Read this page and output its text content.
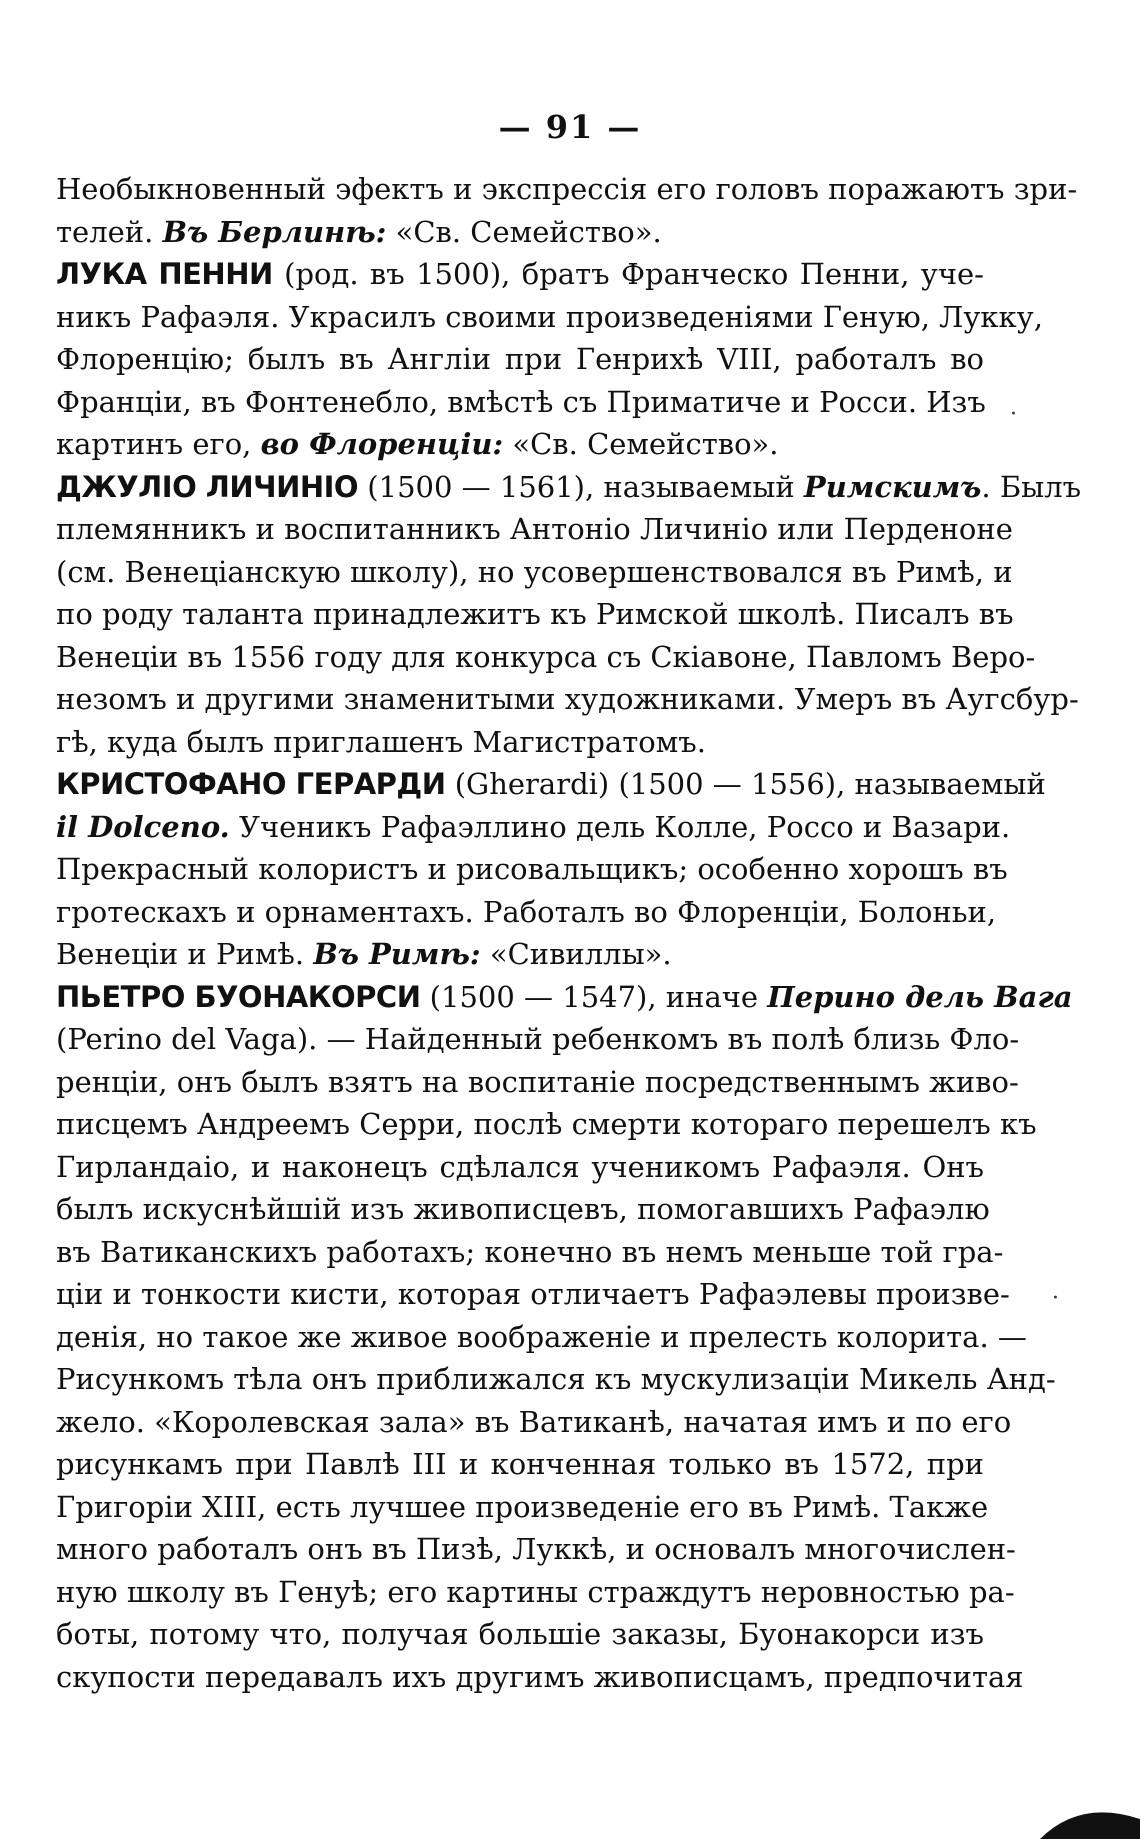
— 91 —
Необыкновенный эфектъ и экспрессія его головъ поражаютъ зри-
телей. Въ Берлинѣ: «Св. Семейство».
ЛУКА ПЕННИ (род. въ 1500), братъ Франческо Пенни, уче-
никъ Рафаэля. Украсилъ своими произведеніями Геную, Лукку,
Флоренцію; былъ въ Англіи при Генрихѣ VIII, работалъ во
Франціи, въ Фонтенебло, вмѣстѣ съ Приматиче и Росси. Изъ
картинъ его, во Флоренціи: «Св. Семейство».
ДЖУЛІО ЛИЧИНІО (1500 — 1561), называемый Римскимъ. Былъ
племянникъ и воспитанникъ Антоніо Личиніо или Перденоне
(см. Венеціанскую школу), но усовершенствовался въ Римѣ, и
по роду таланта принадлежитъ къ Римской школѣ. Писалъ въ
Венеціи въ 1556 году для конкурса съ Скіавоне, Павломъ Веро-
незомъ и другими знаменитыми художниками. Умеръ въ Аугсбур-
гѣ, куда былъ приглашенъ Магистратомъ.
КРИСТОФАНО ГЕРАРДИ (Gherardi) (1500 — 1556), называемый
il Dolceno. Ученикъ Рафаэллино дель Колле, Россо и Вазари.
Прекрасный колористъ и рисовальщикъ; особенно хорошъ въ
гротескахъ и орнаментахъ. Работалъ во Флоренціи, Болоньи,
Венеціи и Римѣ. Въ Римѣ: «Сивиллы».
ПЬЕТРО БУОНАКОРСИ (1500 — 1547), иначе Перино дель Вага
(Perino del Vaga). — Найденный ребенкомъ въ полѣ близь Фло-
ренціи, онъ былъ взятъ на воспитаніе посредственнымъ живо-
писцемъ Андреемъ Серри, послѣ смерти котораго перешелъ къ
Гирландаіо, и наконецъ сдѣлался ученикомъ Рафаэля. Онъ
былъ искуснѣйшій изъ живописцевъ, помогавшихъ Рафаэлю
въ Ватиканскихъ работахъ; конечно въ немъ меньше той гра-
ціи и тонкости кисти, которая отличаетъ Рафаэлевы произве-
денія, но такое же живое воображеніе и прелесть колорита. —
Рисункомъ тѣла онъ приближался къ мускулизаціи Микель Анд-
жело. «Королевская зала» въ Ватиканѣ, начатая имъ и по его
рисункамъ при Павлѣ III и конченная только въ 1572, при
Григоріи XIII, есть лучшее произведеніе его въ Римѣ. Также
много работалъ онъ въ Пизѣ, Луккѣ, и основалъ многочислен-
ную школу въ Генуѣ; его картины страждутъ неровностью ра-
боты, потому что, получая большіе заказы, Буонакорси изъ
скупости передавалъ ихъ другимъ живописцамъ, предпочитая
·
·
